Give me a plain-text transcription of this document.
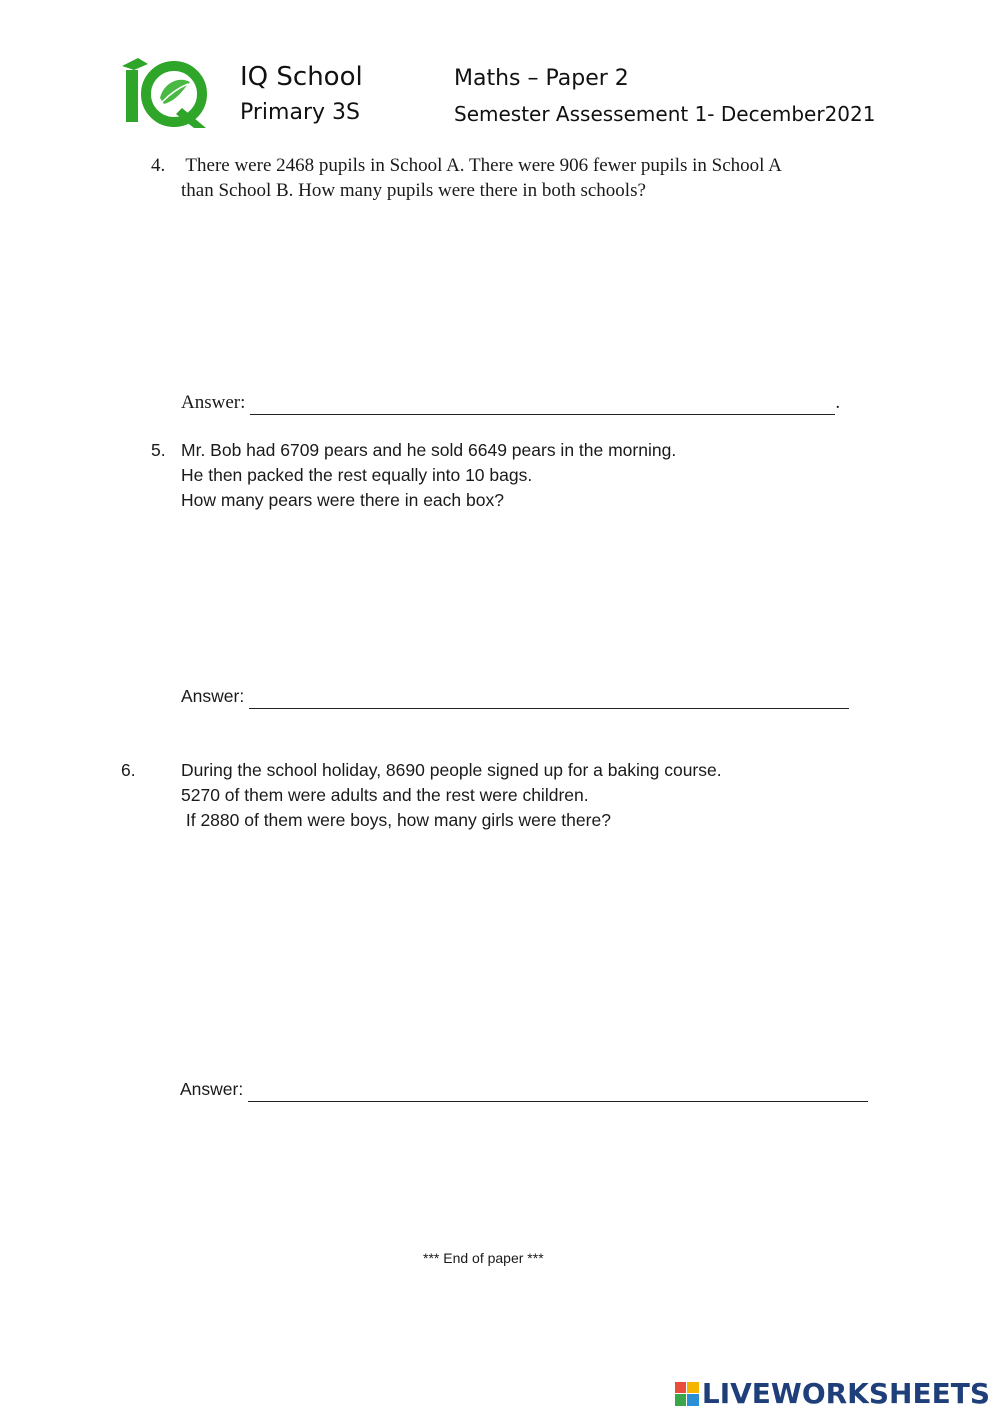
IQ School
Primary 3S
Maths – Paper 2
Semester Assessement 1- December2021
4. There were 2468 pupils in School A. There were 906 fewer pupils in School A
than School B. How many pupils were there in both schools?
Answer:	.
5. Mr. Bob had 6709 pears and he sold 6649 pears in the morning.
He then packed the rest equally into 10 bags.
How many pears were there in each box?
Answer:
6.	During the school holiday, 8690 people signed up for a baking course.
5270 of them were adults and the rest were children.
If 2880 of them were boys, how many girls were there?
Answer:
*** End of paper ***
LIVEWORKSHEETS
